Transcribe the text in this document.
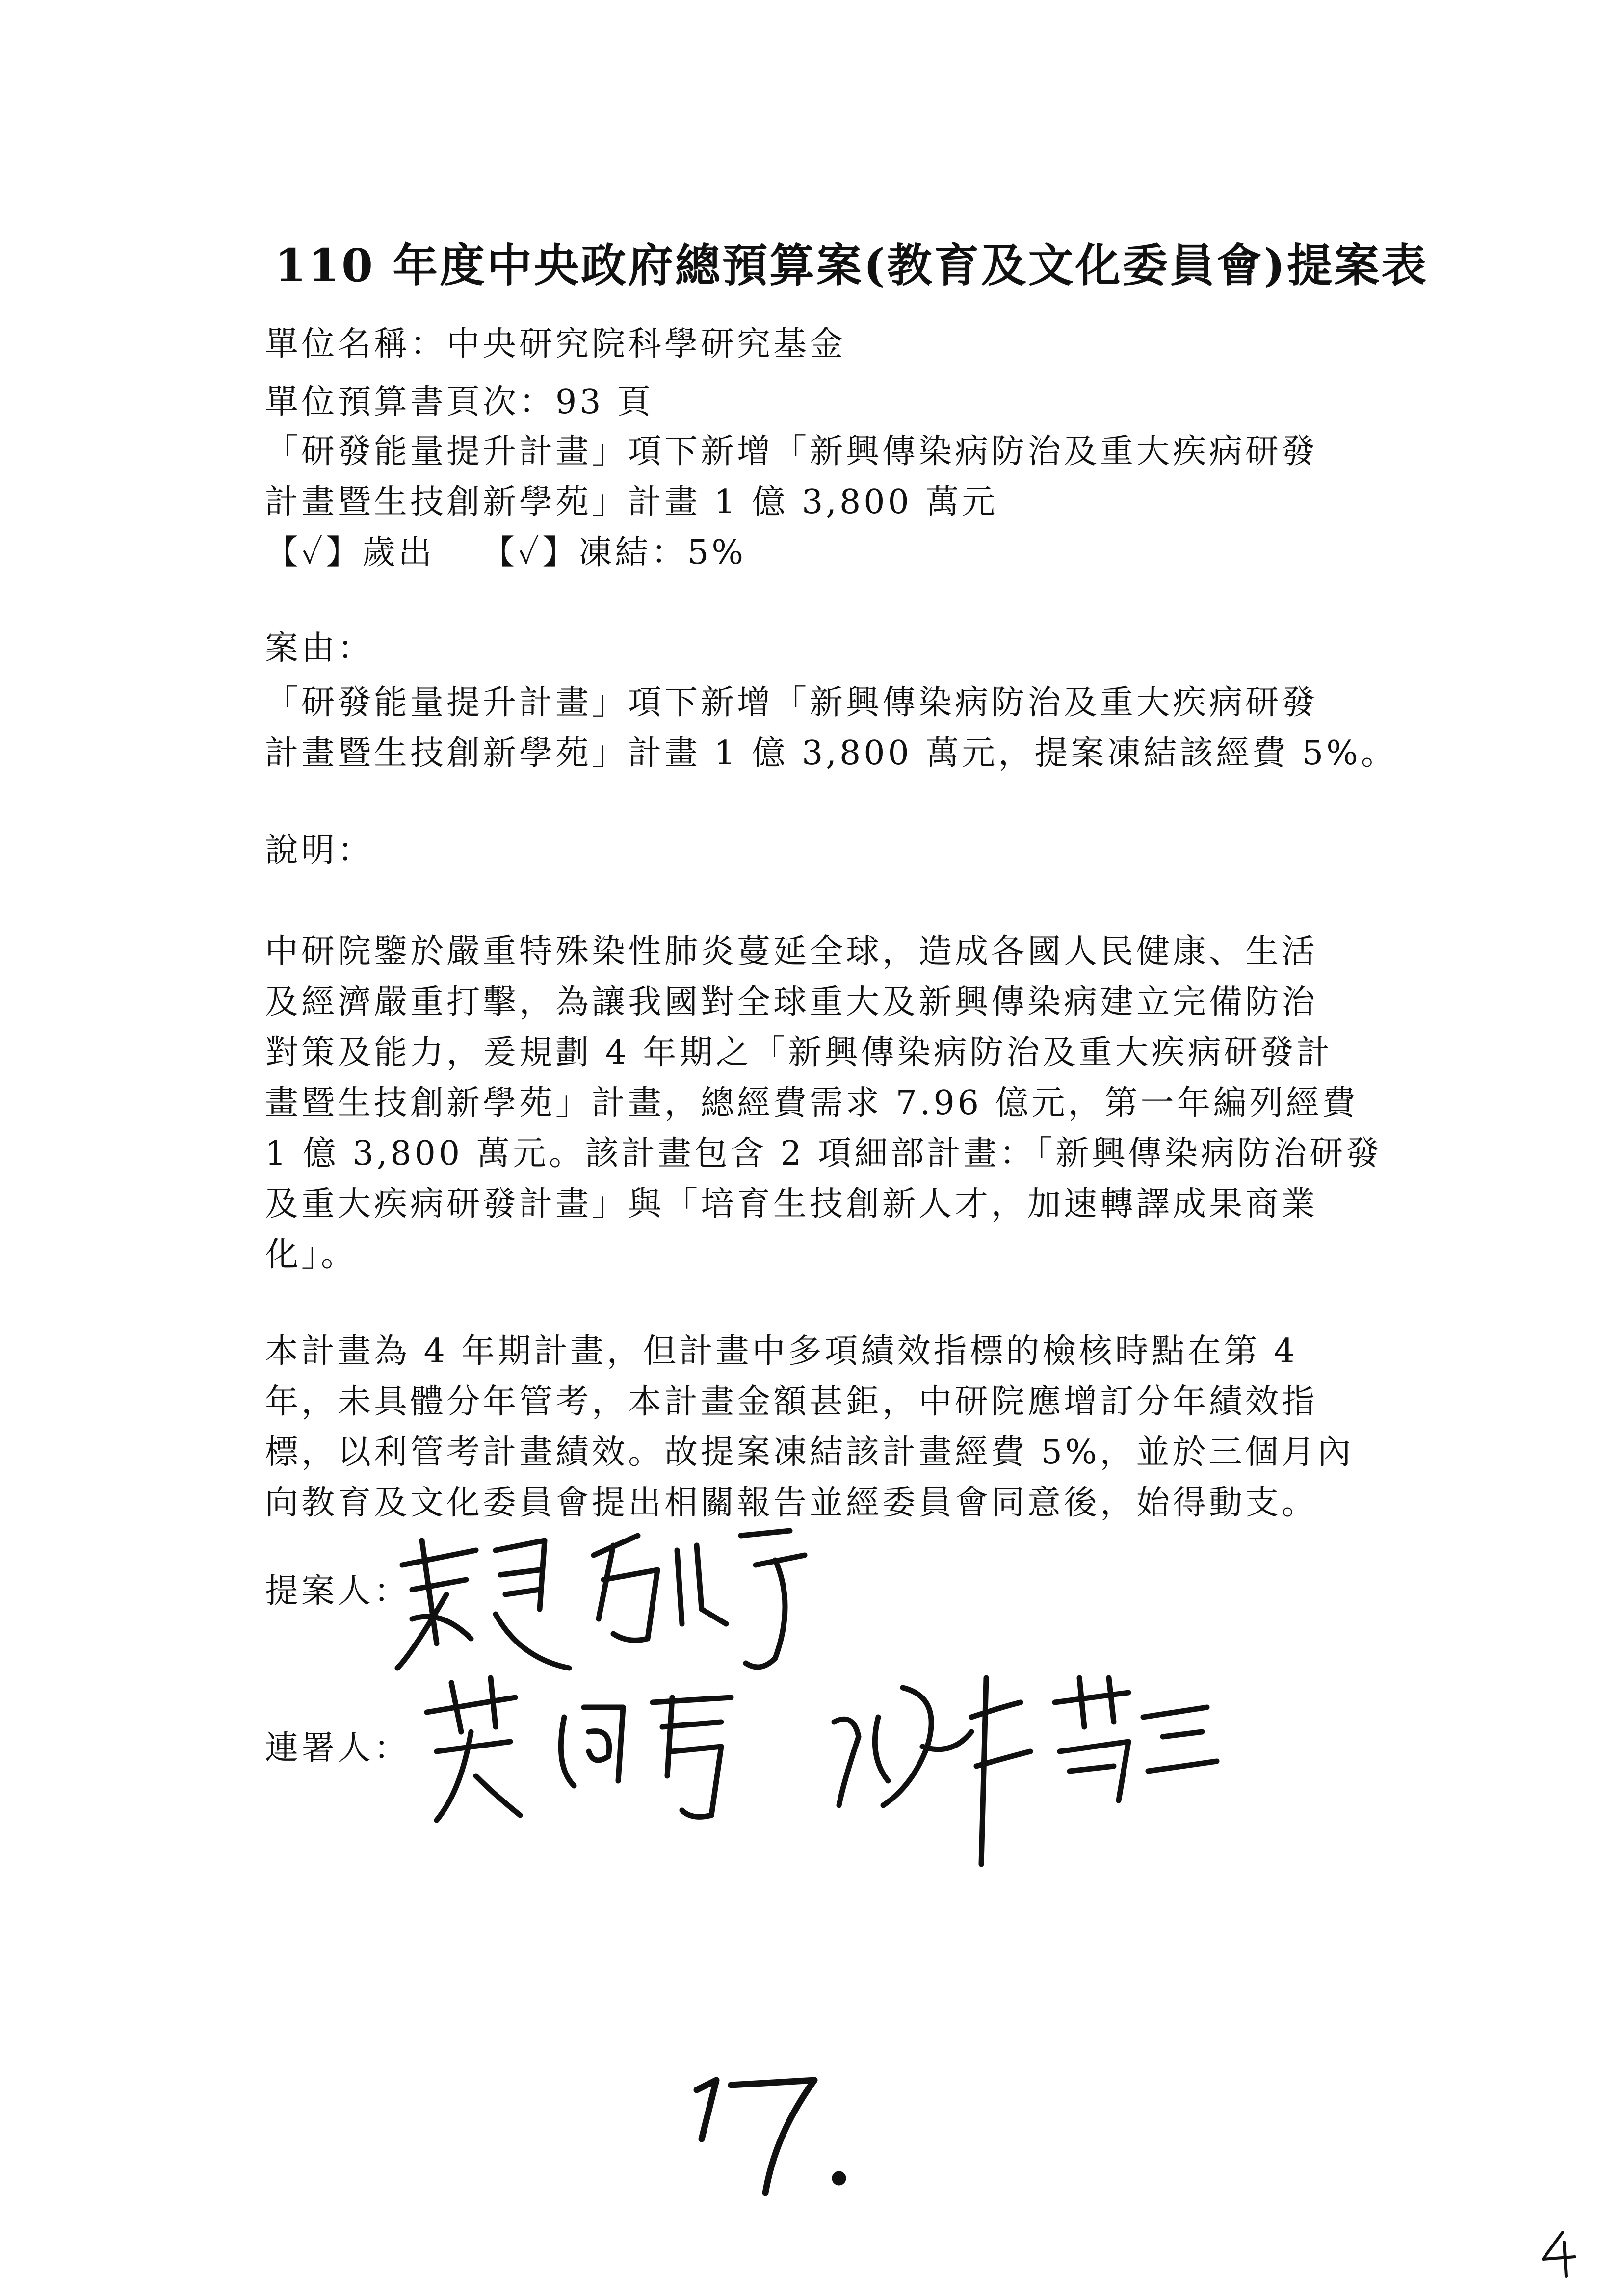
110 年度中央政府總預算案(教育及文化委員會)提案表
單位名稱：中央研究院科學研究基金
單位預算書頁次：93 頁
「研發能量提升計畫」項下新增「新興傳染病防治及重大疾病研發
計畫暨生技創新學苑」計畫 1 億 3,800 萬元
【✓】歲出 【✓】凍結：5%
案由：
「研發能量提升計畫」項下新增「新興傳染病防治及重大疾病研發
計畫暨生技創新學苑」計畫 1 億 3,800 萬元，提案凍結該經費 5%。
說明：
中研院鑒於嚴重特殊染性肺炎蔓延全球，造成各國人民健康、生活
及經濟嚴重打擊，為讓我國對全球重大及新興傳染病建立完備防治
對策及能力，爰規劃 4 年期之「新興傳染病防治及重大疾病研發計
畫暨生技創新學苑」計畫，總經費需求 7.96 億元，第一年編列經費
1 億 3,800 萬元。該計畫包含 2 項細部計畫：「新興傳染病防治研發
及重大疾病研發計畫」與「培育生技創新人才，加速轉譯成果商業
化」。
本計畫為 4 年期計畫，但計畫中多項績效指標的檢核時點在第 4
年，未具體分年管考，本計畫金額甚鉅，中研院應增訂分年績效指
標，以利管考計畫績效。故提案凍結該計畫經費 5%，並於三個月內
向教育及文化委員會提出相關報告並經委員會同意後，始得動支。
提案人：
連署人：
